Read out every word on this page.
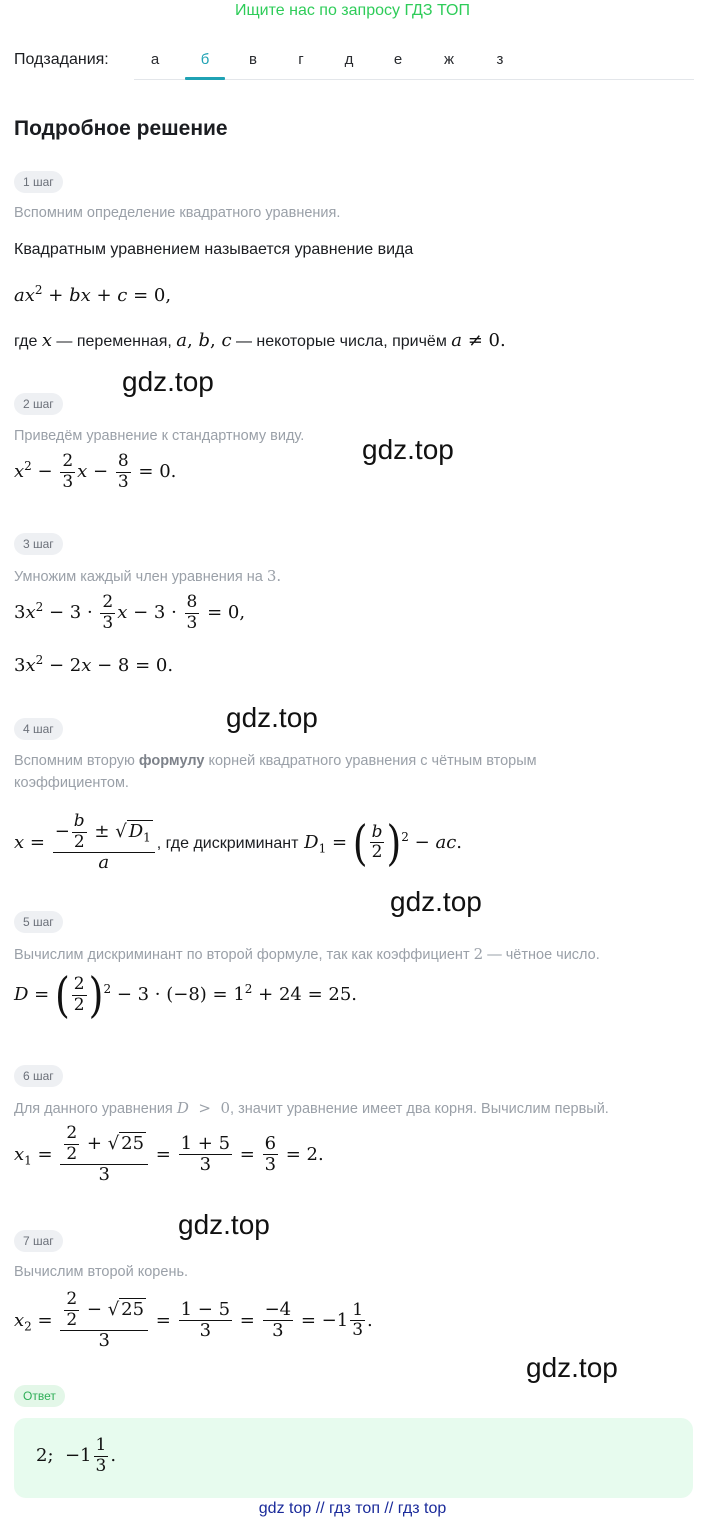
Ищите нас по запросу ГДЗ ТОП
Подзадания:	а	б	в	г	д	е	ж	з
Подробное решение
1 шаг
Вспомним определение квадратного уравнения.
Квадратным уравнением называется уравнение вида
$ax^2$ + bx + c = 0,
где x — переменная, a, b, c — некоторые числа, причём a ≠ 0.
gdz.top
2 шаг
Приведём уравнение к стандартному виду. gdz.top
$x^2 - \frac{2}{3}$ $x - \frac{8}{3} = 0$.
3 шаг
Умножим каждый член уравнения на 3.
$3x^2 - 3 \cdot \frac{2}{3}$ $x - 3 \cdot \frac{8}{3} = 0$,
$3x^2 - 2x - 8 = 0$.
gdz.top
4 шаг
Вспомним вторую формулу корней квадратного уравнения с чётным вторым
коэффициентом.
$x = \frac{- \frac{b}{2} \pm √ D_1}{a}$ , где дискриминант $D_1$ = ( $\frac{b}{2} )^2$ − ac.
gdz.top
5 шаг
Вычислим дискриминант по второй формуле, так как коэффициент 2 — чётное число.
D = ( $\frac{2}{2} )^2 - 3 \cdot (-8) = 1^2 + 24 = 25$.
6 шаг
Для данного уравнения D  >  0, значит уравнение имеет два корня. Вычислим первый.
$x_1 = \frac{\frac{2}{2} + √ 25}{3} = \frac{1 + 5}{3} = \frac{6}{3} = 2$.
gdz.top
7 шаг
Вычислим второй корень.
$x_2 = \frac{\frac{2}{2} - √ 25}{3} = \frac{1 - 5}{3} = \frac{-4}{3} = -1 \frac{1}{3}$ .
gdz.top
Ответ
2;  $-1 \frac{1}{3}$ .
gdz top // гдз топ // гдз top
